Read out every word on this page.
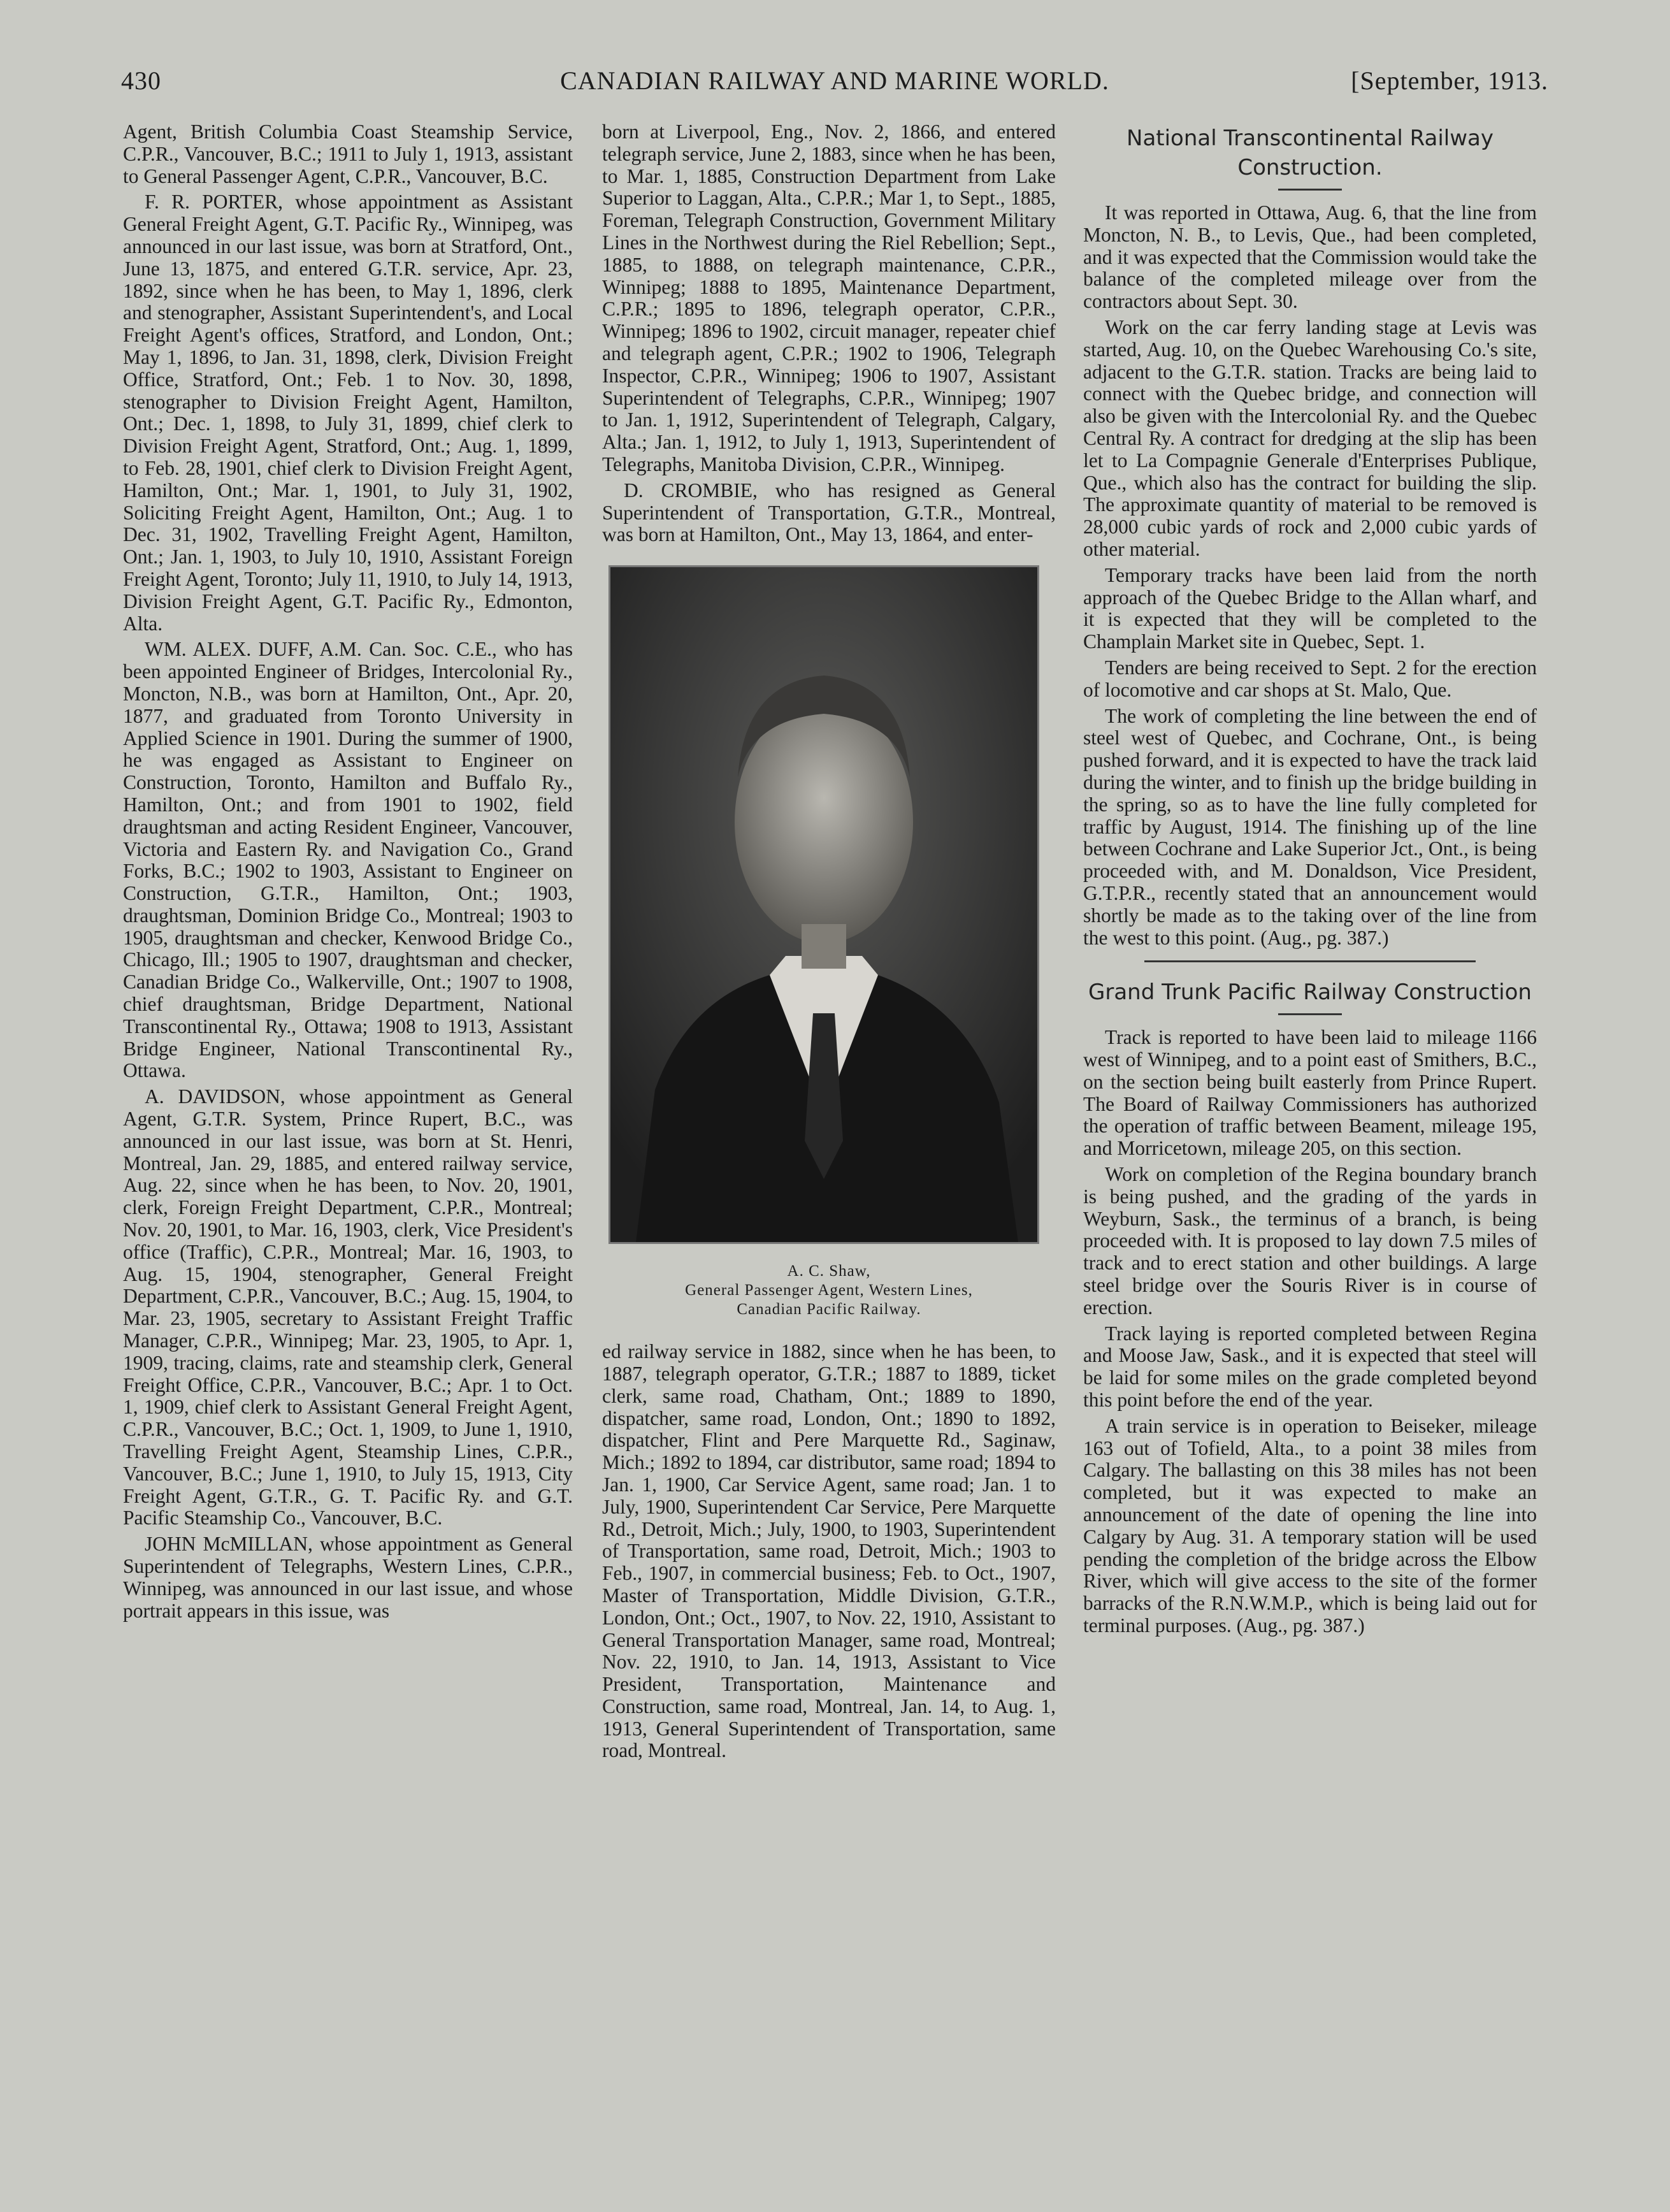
430	CANADIAN RAILWAY AND MARINE WORLD.	[September, 1913.

Agent, British Columbia Coast Steamship Service, C.P.R., Vancouver, B.C.; 1911 to July 1, 1913, assistant to General Passenger Agent, C.P.R., Vancouver, B.C.

F. R. PORTER, whose appointment as Assistant General Freight Agent, G.T. Pacific Ry., Winnipeg, was announced in our last issue, was born at Stratford, Ont., June 13, 1875, and entered G.T.R. service, Apr. 23, 1892, since when he has been, to May 1, 1896, clerk and stenographer, Assistant Superintendent's, and Local Freight Agent's offices, Stratford, and London, Ont.; May 1, 1896, to Jan. 31, 1898, clerk, Division Freight Office, Stratford, Ont.; Feb. 1 to Nov. 30, 1898, stenographer to Division Freight Agent, Hamilton, Ont.; Dec. 1, 1898, to July 31, 1899, chief clerk to Division Freight Agent, Stratford, Ont.; Aug. 1, 1899, to Feb. 28, 1901, chief clerk to Division Freight Agent, Hamilton, Ont.; Mar. 1, 1901, to July 31, 1902, Soliciting Freight Agent, Hamilton, Ont.; Aug. 1 to Dec. 31, 1902, Travelling Freight Agent, Hamilton, Ont.; Jan. 1, 1903, to July 10, 1910, Assistant Foreign Freight Agent, Toronto; July 11, 1910, to July 14, 1913, Division Freight Agent, G.T. Pacific Ry., Edmonton, Alta.

WM. ALEX. DUFF, A.M. Can. Soc. C.E., who has been appointed Engineer of Bridges, Intercolonial Ry., Moncton, N.B., was born at Hamilton, Ont., Apr. 20, 1877, and graduated from Toronto University in Applied Science in 1901. During the summer of 1900, he was engaged as Assistant to Engineer on Construction, Toronto, Hamilton and Buffalo Ry., Hamilton, Ont.; and from 1901 to 1902, field draughtsman and acting Resident Engineer, Vancouver, Victoria and Eastern Ry. and Navigation Co., Grand Forks, B.C.; 1902 to 1903, Assistant to Engineer on Construction, G.T.R., Hamilton, Ont.; 1903, draughtsman, Dominion Bridge Co., Montreal; 1903 to 1905, draughtsman and checker, Kenwood Bridge Co., Chicago, Ill.; 1905 to 1907, draughtsman and checker, Canadian Bridge Co., Walkerville, Ont.; 1907 to 1908, chief draughtsman, Bridge Department, National Transcontinental Ry., Ottawa; 1908 to 1913, Assistant Bridge Engineer, National Transcontinental Ry., Ottawa.

A. DAVIDSON, whose appointment as General Agent, G.T.R. System, Prince Rupert, B.C., was announced in our last issue, was born at St. Henri, Montreal, Jan. 29, 1885, and entered railway service, Aug. 22, since when he has been, to Nov. 20, 1901, clerk, Foreign Freight Department, C.P.R., Montreal; Nov. 20, 1901, to Mar. 16, 1903, clerk, Vice President's office (Traffic), C.P.R., Montreal; Mar. 16, 1903, to Aug. 15, 1904, stenographer, General Freight Department, C.P.R., Vancouver, B.C.; Aug. 15, 1904, to Mar. 23, 1905, secretary to Assistant Freight Traffic Manager, C.P.R., Winnipeg; Mar. 23, 1905, to Apr. 1, 1909, tracing, claims, rate and steamship clerk, General Freight Office, C.P.R., Vancouver, B.C.; Apr. 1 to Oct. 1, 1909, chief clerk to Assistant General Freight Agent, C.P.R., Vancouver, B.C.; Oct. 1, 1909, to June 1, 1910, Travelling Freight Agent, Steamship Lines, C.P.R., Vancouver, B.C.; June 1, 1910, to July 15, 1913, City Freight Agent, G.T.R., G. T. Pacific Ry. and G.T. Pacific Steamship Co., Vancouver, B.C.

JOHN McMILLAN, whose appointment as General Superintendent of Telegraphs, Western Lines, C.P.R., Winnipeg, was announced in our last issue, and whose portrait appears in this issue, was

born at Liverpool, Eng., Nov. 2, 1866, and entered telegraph service, June 2, 1883, since when he has been, to Mar. 1, 1885, Construction Department from Lake Superior to Laggan, Alta., C.P.R.; Mar 1, to Sept., 1885, Foreman, Telegraph Construction, Government Military Lines in the Northwest during the Riel Rebellion; Sept., 1885, to 1888, on telegraph maintenance, C.P.R., Winnipeg; 1888 to 1895, Maintenance Department, C.P.R.; 1895 to 1896, telegraph operator, C.P.R., Winnipeg; 1896 to 1902, circuit manager, repeater chief and telegraph agent, C.P.R.; 1902 to 1906, Telegraph Inspector, C.P.R., Winnipeg; 1906 to 1907, Assistant Superintendent of Telegraphs, C.P.R., Winnipeg; 1907 to Jan. 1, 1912, Superintendent of Telegraph, Calgary, Alta.; Jan. 1, 1912, to July 1, 1913, Superintendent of Telegraphs, Manitoba Division, C.P.R., Winnipeg.

D. CROMBIE, who has resigned as General Superintendent of Transportation, G.T.R., Montreal, was born at Hamilton, Ont., May 13, 1864, and enter-

A. C. Shaw,
General Passenger Agent, Western Lines,
Canadian Pacific Railway.

ed railway service in 1882, since when he has been, to 1887, telegraph operator, G.T.R.; 1887 to 1889, ticket clerk, same road, Chatham, Ont.; 1889 to 1890, dispatcher, same road, London, Ont.; 1890 to 1892, dispatcher, Flint and Pere Marquette Rd., Saginaw, Mich.; 1892 to 1894, car distributor, same road; 1894 to Jan. 1, 1900, Car Service Agent, same road; Jan. 1 to July, 1900, Superintendent Car Service, Pere Marquette Rd., Detroit, Mich.; July, 1900, to 1903, Superintendent of Transportation, same road, Detroit, Mich.; 1903 to Feb., 1907, in commercial business; Feb. to Oct., 1907, Master of Transportation, Middle Division, G.T.R., London, Ont.; Oct., 1907, to Nov. 22, 1910, Assistant to General Transportation Manager, same road, Montreal; Nov. 22, 1910, to Jan. 14, 1913, Assistant to Vice President, Transportation, Maintenance and Construction, same road, Montreal, Jan. 14, to Aug. 1, 1913, General Superintendent of Transportation, same road, Montreal.

National Transcontinental Railway Construction.

It was reported in Ottawa, Aug. 6, that the line from Moncton, N. B., to Levis, Que., had been completed, and it was expected that the Commission would take the balance of the completed mileage over from the contractors about Sept. 30.

Work on the car ferry landing stage at Levis was started, Aug. 10, on the Quebec Warehousing Co.'s site, adjacent to the G.T.R. station. Tracks are being laid to connect with the Quebec bridge, and connection will also be given with the Intercolonial Ry. and the Quebec Central Ry. A contract for dredging at the slip has been let to La Compagnie Generale d'Enterprises Publique, Que., which also has the contract for building the slip. The approximate quantity of material to be removed is 28,000 cubic yards of rock and 2,000 cubic yards of other material.

Temporary tracks have been laid from the north approach of the Quebec Bridge to the Allan wharf, and it is expected that they will be completed to the Champlain Market site in Quebec, Sept. 1.

Tenders are being received to Sept. 2 for the erection of locomotive and car shops at St. Malo, Que.

The work of completing the line between the end of steel west of Quebec, and Cochrane, Ont., is being pushed forward, and it is expected to have the track laid during the winter, and to finish up the bridge building in the spring, so as to have the line fully completed for traffic by August, 1914. The finishing up of the line between Cochrane and Lake Superior Jct., Ont., is being proceeded with, and M. Donaldson, Vice President, G.T.P.R., recently stated that an announcement would shortly be made as to the taking over of the line from the west to this point. (Aug., pg. 387.)

Grand Trunk Pacific Railway Construction

Track is reported to have been laid to mileage 1166 west of Winnipeg, and to a point east of Smithers, B.C., on the section being built easterly from Prince Rupert. The Board of Railway Commissioners has authorized the operation of traffic between Beament, mileage 195, and Morricetown, mileage 205, on this section.

Work on completion of the Regina boundary branch is being pushed, and the grading of the yards in Weyburn, Sask., the terminus of a branch, is being proceeded with. It is proposed to lay down 7.5 miles of track and to erect station and other buildings. A large steel bridge over the Souris River is in course of erection.

Track laying is reported completed between Regina and Moose Jaw, Sask., and it is expected that steel will be laid for some miles on the grade completed beyond this point before the end of the year.

A train service is in operation to Beiseker, mileage 163 out of Tofield, Alta., to a point 38 miles from Calgary. The ballasting on this 38 miles has not been completed, but it was expected to make an announcement of the date of opening the line into Calgary by Aug. 31. A temporary station will be used pending the completion of the bridge across the Elbow River, which will give access to the site of the former barracks of the R.N.W.M.P., which is being laid out for terminal purposes. (Aug., pg. 387.)
